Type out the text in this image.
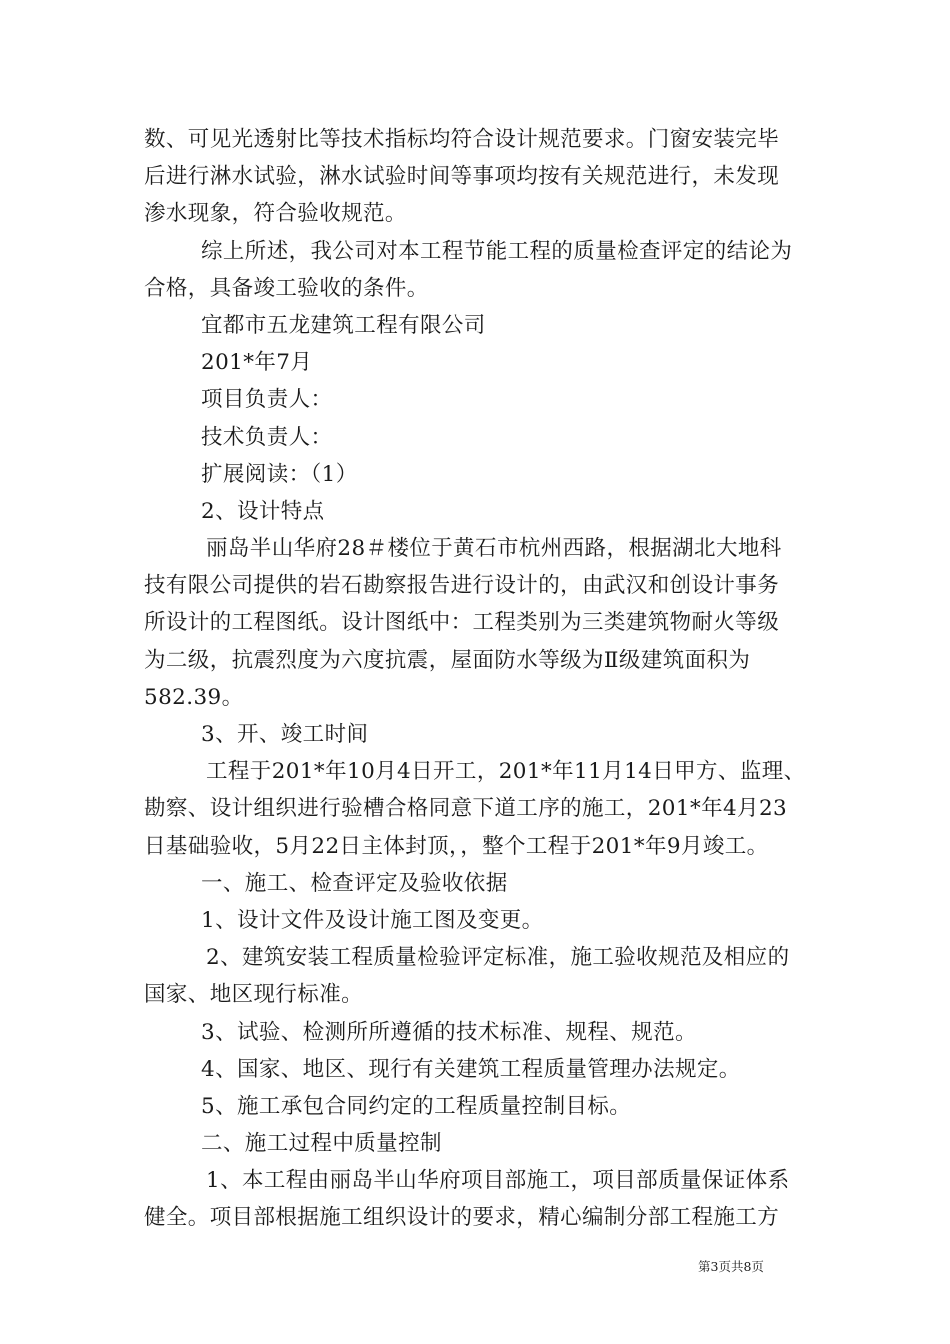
数、可见光透射比等技术指标均符合设计规范要求。门窗安装完毕
后进行淋水试验，淋水试验时间等事项均按有关规范进行，未发现
渗水现象，符合验收规范。
综上所述，我公司对本工程节能工程的质量检查评定的结论为
合格，具备竣工验收的条件。
宜都市五龙建筑工程有限公司
201*年7月
项目负责人：
技术负责人：
扩展阅读：（1）
2、设计特点
丽岛半山华府28＃楼位于黄石市杭州西路，根据湖北大地科
技有限公司提供的岩石勘察报告进行设计的，由武汉和创设计事务
所设计的工程图纸。设计图纸中：工程类别为三类建筑物耐火等级
为二级，抗震烈度为六度抗震，屋面防水等级为Ⅱ级建筑面积为
582.39。
3、开、竣工时间
工程于201*年10月4日开工，201*年11月14日甲方、监理、
勘察、设计组织进行验槽合格同意下道工序的施工，201*年4月23
日基础验收，5月22日主体封顶，，整个工程于201*年9月竣工。
一、施工、检查评定及验收依据
1、设计文件及设计施工图及变更。
2、建筑安装工程质量检验评定标准，施工验收规范及相应的
国家、地区现行标准。
3、试验、检测所所遵循的技术标准、规程、规范。
4、国家、地区、现行有关建筑工程质量管理办法规定。
5、施工承包合同约定的工程质量控制目标。
二、施工过程中质量控制
1、本工程由丽岛半山华府项目部施工，项目部质量保证体系
健全。项目部根据施工组织设计的要求，精心编制分部工程施工方
第3页共8页
